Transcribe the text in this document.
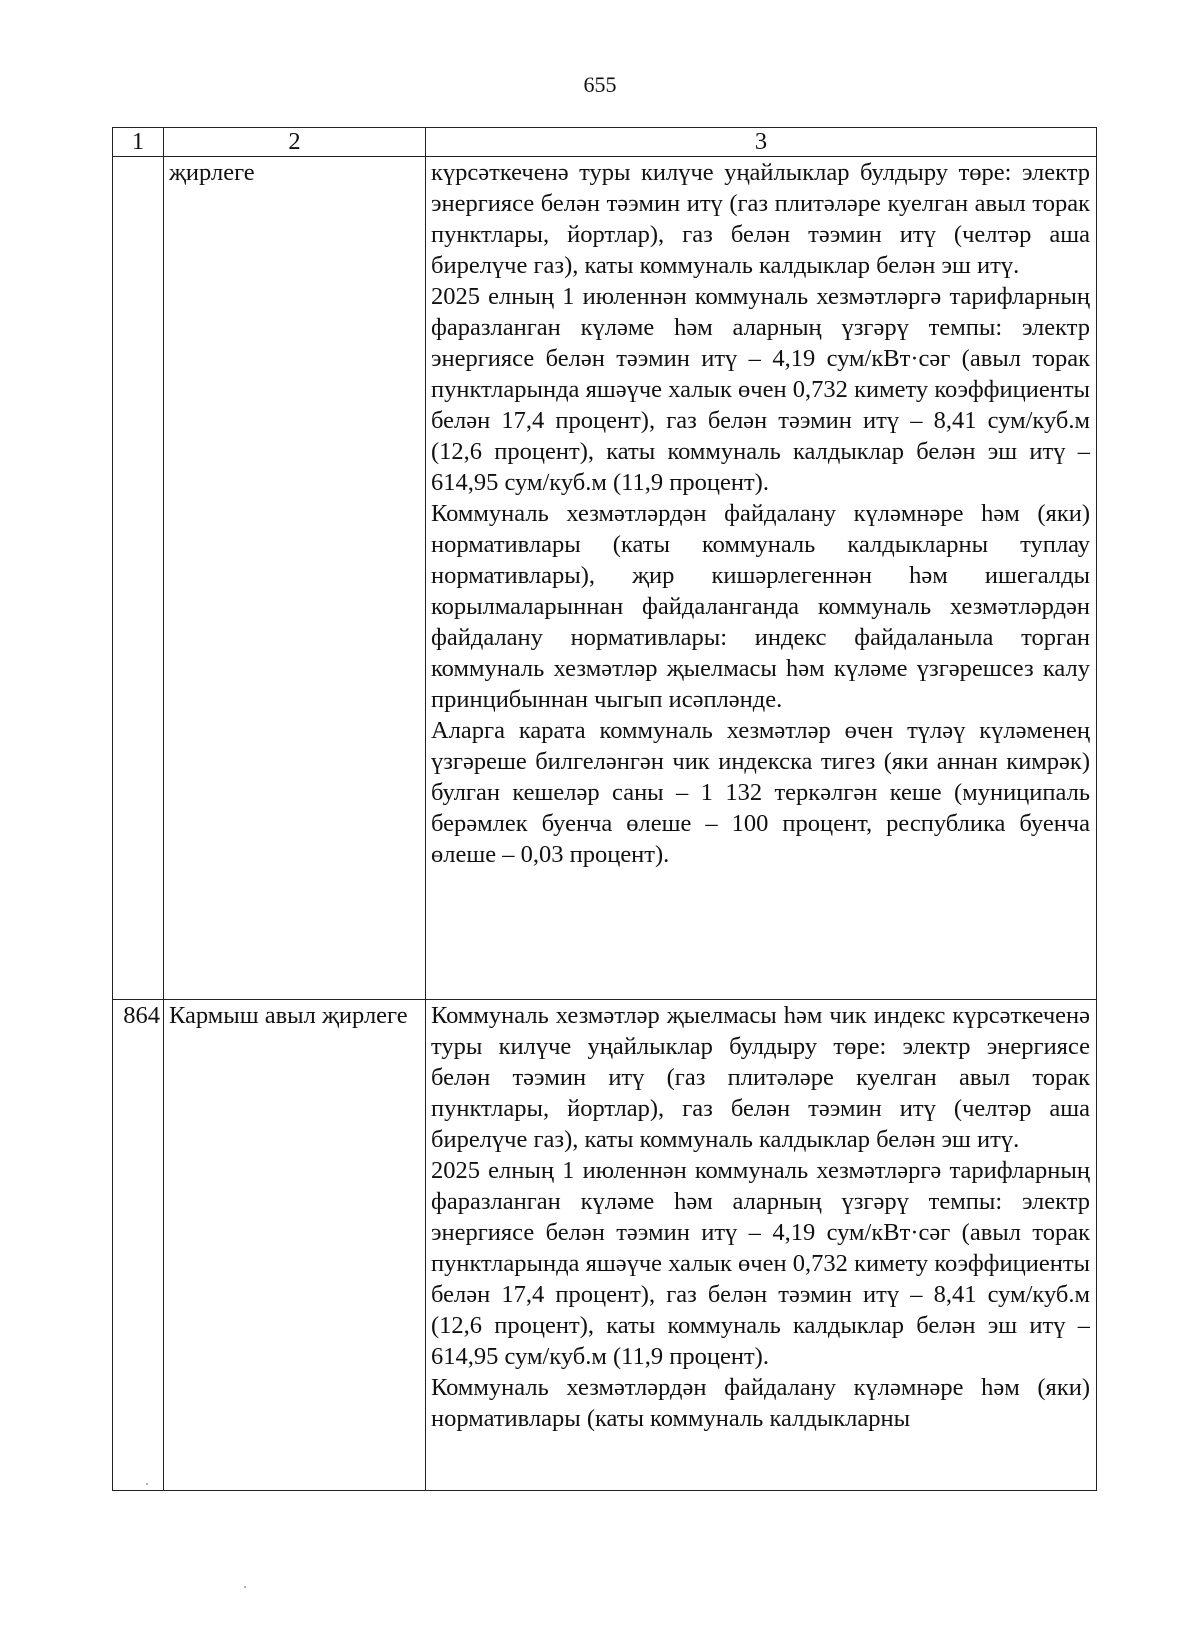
655
1	2	3
	җирлеге	күрсәткеченә туры килүче уңайлыклар булдыру төре: электр энергиясе белән тәэмин итү (газ плитәләре куелган авыл торак пунктлары, йортлар), газ белән тәэмин итү (челтәр аша бирелүче газ), каты коммуналь калдыклар белән эш итү.

2025 елның 1 июленнән коммуналь хезмәтләргә тарифларның фаразланган күләме һәм аларның үзгәрү темпы: электр энергиясе белән тәэмин итү – 4,19 сум/кВт·сәг (авыл торак пунктларында яшәүче халык өчен 0,732 кимету коэффициенты белән 17,4 процент), газ белән тәэмин итү – 8,41 сум/куб.м (12,6 процент), каты коммуналь калдыклар белән эш итү – 614,95 сум/куб.м (11,9 процент).

Коммуналь хезмәтләрдән файдалану күләмнәре һәм (яки) нормативлары (каты коммуналь калдыкларны туплау нормативлары), җир кишәрлегеннән һәм ишегалды корылмаларыннан файдаланганда коммуналь хезмәтләрдән файдалану нормативлары: индекс файдаланыла торган коммуналь хезмәтләр җыелмасы һәм күләме үзгәрешсез калу принцибыннан чыгып исәпләнде.

Аларга карата коммуналь хезмәтләр өчен түләү күләменең үзгәреше билгеләнгән чик индекска тигез (яки аннан кимрәк) булган кешеләр саны – 1 132 теркәлгән кеше (муниципаль берәмлек буенча өлеше – 100 процент, республика буенча өлеше – 0,03 процент).

864	Кармыш авыл җирлеге	Коммуналь хезмәтләр җыелмасы һәм чик индекс күрсәткеченә туры килүче уңайлыклар булдыру төре: электр энергиясе белән тәэмин итү (газ плитәләре куелган авыл торак пунктлары, йортлар), газ белән тәэмин итү (челтәр аша бирелүче газ), каты коммуналь калдыклар белән эш итү.

2025 елның 1 июленнән коммуналь хезмәтләргә тарифларның фаразланган күләме һәм аларның үзгәрү темпы: электр энергиясе белән тәэмин итү – 4,19 сум/кВт·сәг (авыл торак пунктларында яшәүче халык өчен 0,732 кимету коэффициенты белән 17,4 процент), газ белән тәэмин итү – 8,41 сум/куб.м (12,6 процент), каты коммуналь калдыклар белән эш итү – 614,95 сум/куб.м (11,9 процент).

Коммуналь хезмәтләрдән файдалану күләмнәре һәм (яки) нормативлары (каты коммуналь калдыкларны
